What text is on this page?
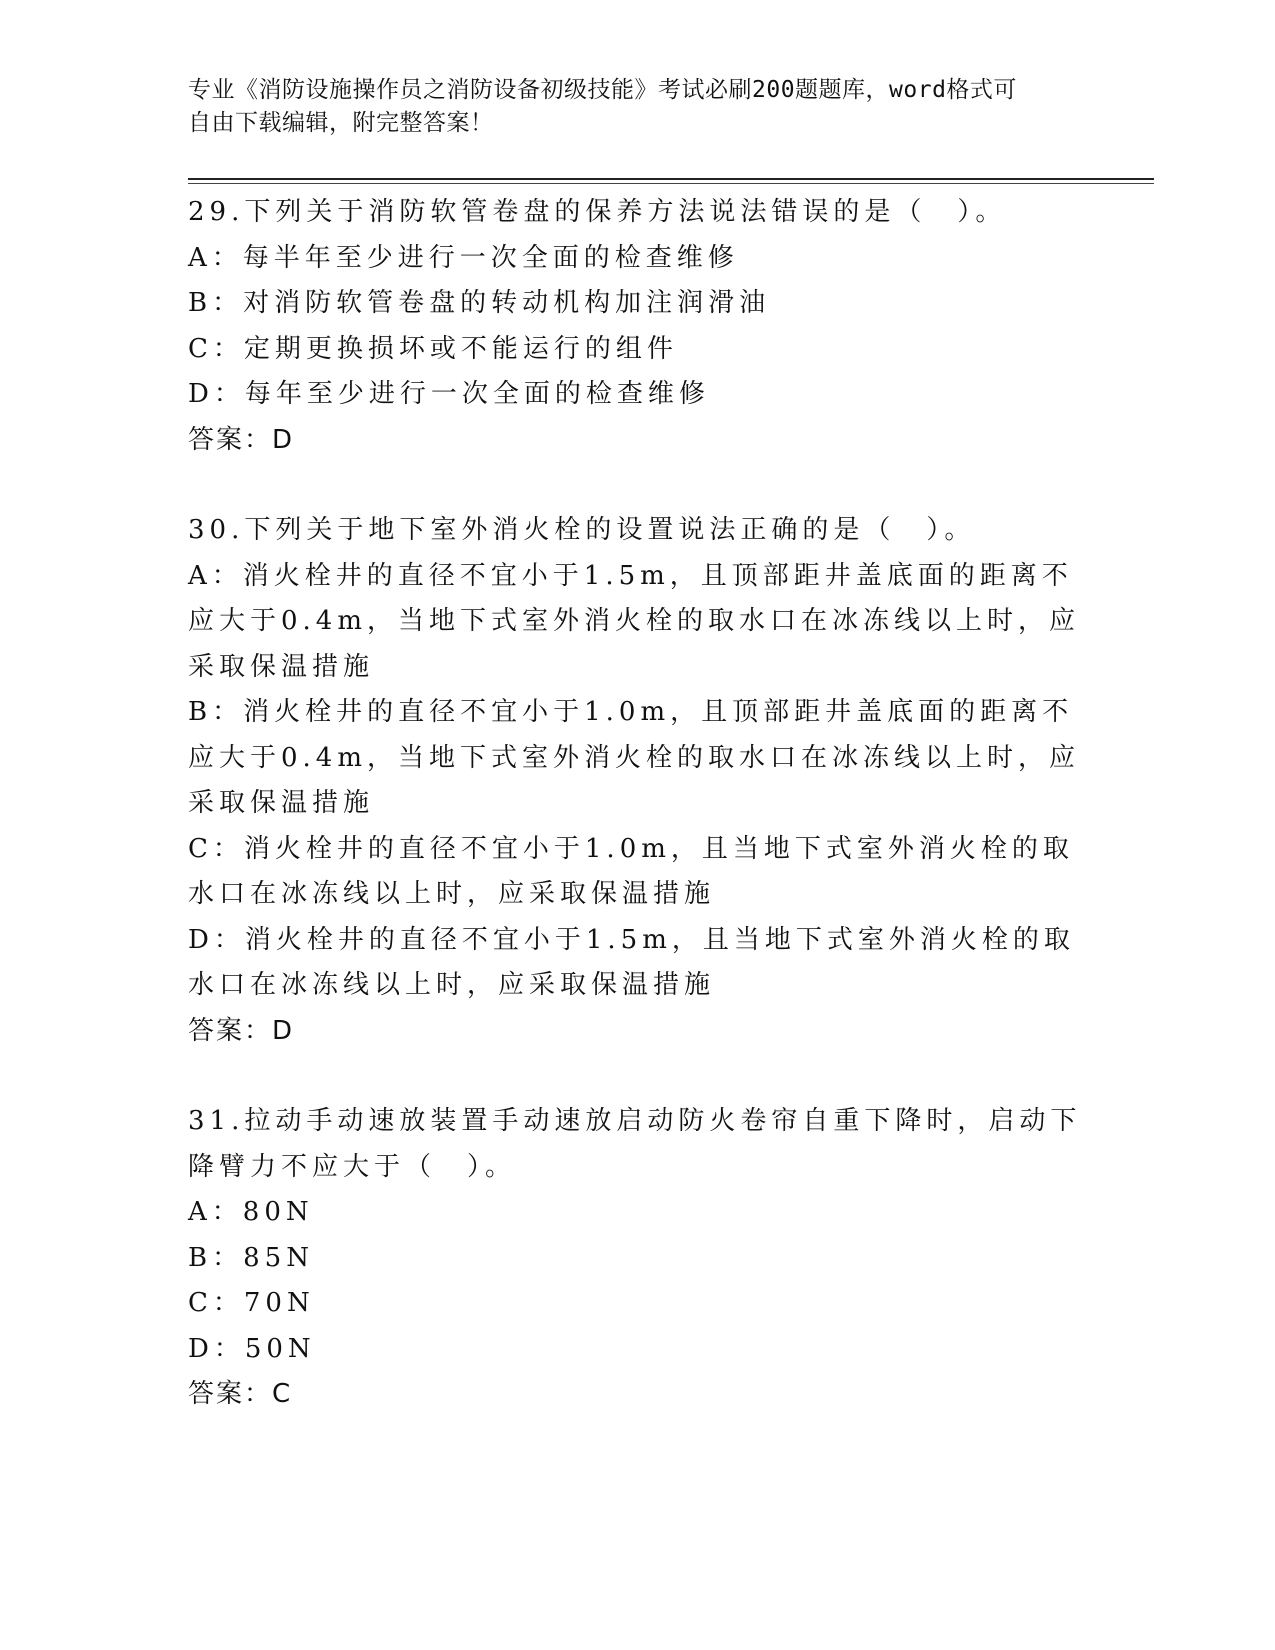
专业《消防设施操作员之消防设备初级技能》考试必刷200题题库，word格式可
自由下载编辑，附完整答案！

29.下列关于消防软管卷盘的保养方法说法错误的是（　）。

A：每半年至少进行一次全面的检查维修

B：对消防软管卷盘的转动机构加注润滑油

C：定期更换损坏或不能运行的组件

D：每年至少进行一次全面的检查维修

答案：D

30.下列关于地下室外消火栓的设置说法正确的是（　）。

A：消火栓井的直径不宜小于1.5m，且顶部距井盖底面的距离不应大于0.4m，当地下式室外消火栓的取水口在冰冻线以上时，应采取保温措施

B：消火栓井的直径不宜小于1.0m，且顶部距井盖底面的距离不应大于0.4m，当地下式室外消火栓的取水口在冰冻线以上时，应采取保温措施

C：消火栓井的直径不宜小于1.0m，且当地下式室外消火栓的取水口在冰冻线以上时，应采取保温措施

D：消火栓井的直径不宜小于1.5m，且当地下式室外消火栓的取水口在冰冻线以上时，应采取保温措施

答案：D

31.拉动手动速放装置手动速放启动防火卷帘自重下降时，启动下降臂力不应大于（　）。

A：80N

B：85N

C：70N

D：50N

答案：C
